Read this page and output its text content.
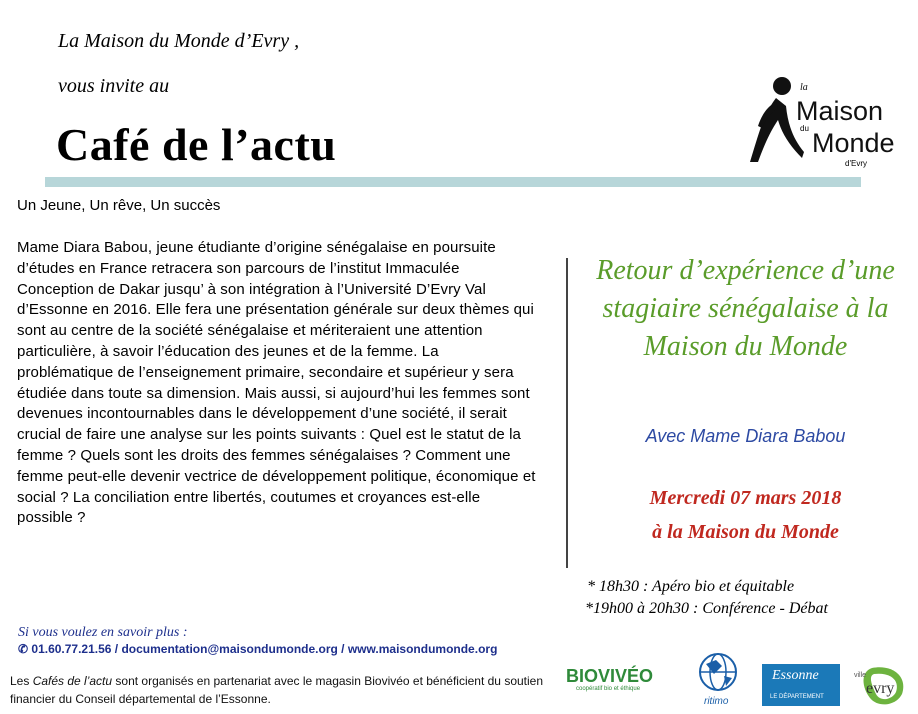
La Maison du Monde d’Evry ,
vous invite au
Café de l’actu
la
Maison
du Monde
d'Evry
Un Jeune, Un rêve, Un succès
Mame Diara Babou, jeune étudiante d’origine sénégalaise en poursuite d’études en France retracera son parcours de l’institut Immaculée Conception de Dakar jusqu’ à son intégration à l’Université D’Evry Val d’Essonne en 2016. Elle fera une présentation générale sur deux thèmes qui sont au centre de la société sénégalaise et mériteraient une attention particulière, à savoir l’éducation des jeunes et de la femme. La problématique de l’enseignement primaire, secondaire et supérieur y sera étudiée dans toute sa dimension. Mais aussi, si aujourd’hui les femmes sont devenues incontournables dans le développement d’une société, il serait crucial de faire une analyse sur les points suivants : Quel est le statut de la femme ? Quels sont les droits des femmes sénégalaises ? Comment une femme peut-elle devenir vectrice de développement politique, économique et social ? La conciliation entre libertés, coutumes et croyances est-elle possible ?
Retour d’expérience d’une stagiaire sénégalaise à la Maison du Monde
Avec Mame Diara Babou
Mercredi 07 mars 2018
à la Maison du Monde
* 18h30 : Apéro bio et équitable
*19h00 à 20h30 : Conférence - Débat
Si vous voulez en savoir plus :
✆ 01.60.77.21.56 / documentation@maisondumonde.org / www.maisondumonde.org
Les Cafés de l’actu sont organisés en partenariat avec le magasin Biovivéo et bénéficient du soutien financier du Conseil départemental de l’Essonne.
BIOVIVÉO
coopératif bio et éthique
ritimo
Essonne
LE DÉPARTEMENT
ville
evry
